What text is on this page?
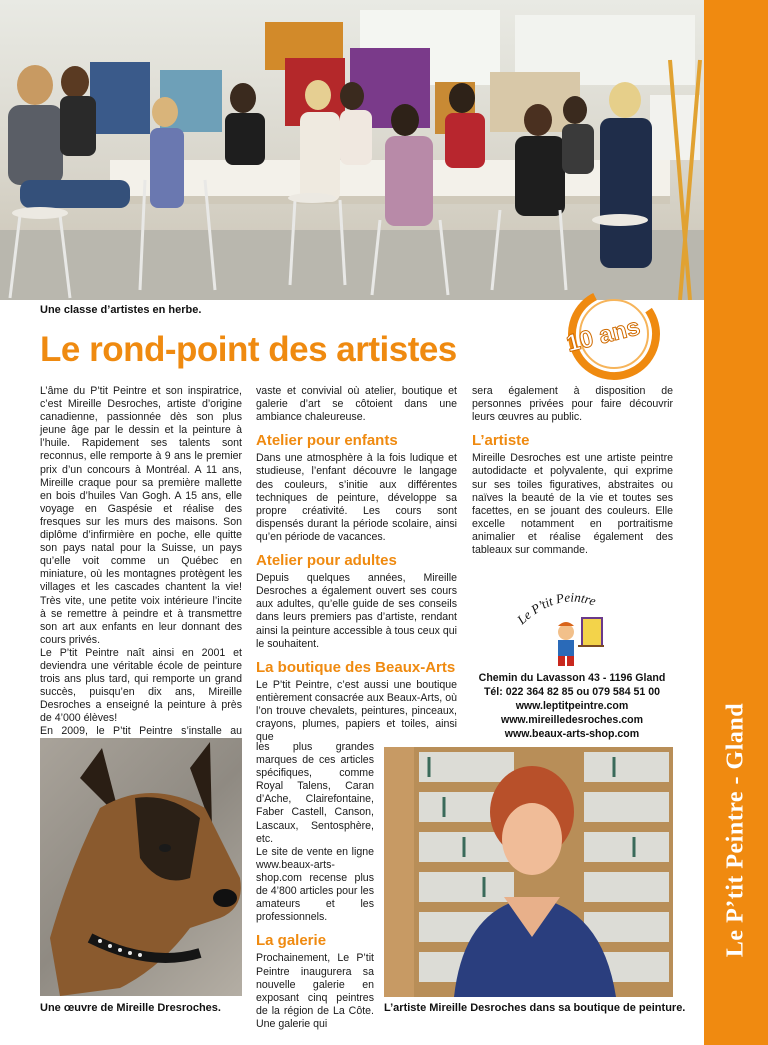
Une classe d’artistes en herbe.
Le P’tit Peintre - Gland
Le rond-point des artistes	10 ans

L’âme du P’tit Peintre et son inspiratrice, c’est Mireille Desroches, artiste d’origine canadienne, passionnée dès son plus jeune âge par le dessin et la peinture à l’huile. Rapidement ses talents sont reconnus, elle remporte à 9 ans le premier prix d’un concours à Montréal. A 11 ans, Mireille craque pour sa première mallette en bois d’huiles Van Gogh. A 15 ans, elle voyage en Gaspésie et réalise des fresques sur les murs des maisons. Son diplôme d’infirmière en poche, elle quitte son pays natal pour la Suisse, un pays qu’elle voit comme un Québec en miniature, où les montagnes protègent les villages et les cascades chantent la vie! Très vite, une petite voix intérieure l’incite à se remettre à peindre et à transmettre son art aux enfants en leur donnant des cours privés.

Le P’tit Peintre naît ainsi en 2001 et deviendra une véritable école de peinture trois ans plus tard, qui remporte un grand succès, puisqu’en dix ans, Mireille Desroches a enseigné la peinture à près de 4’000 élèves!

En 2009, le P’tit Peintre s’installe au

vaste et convivial où atelier, boutique et galerie d’art se côtoient dans une ambiance chaleureuse.

Atelier pour enfants

Dans une atmosphère à la fois ludique et studieuse, l’enfant découvre le langage des couleurs, s’initie aux différentes techniques de peinture, développe sa propre créativité. Les cours sont dispensés durant la période scolaire, ainsi qu’en période de vacances.

Atelier pour adultes

Depuis quelques années, Mireille Desroches a également ouvert ses cours aux adultes, qu’elle guide de ses conseils dans leurs premiers pas d’artiste, rendant ainsi la peinture accessible à tous ceux qui le souhaitent.

La boutique des Beaux-Arts

Le P’tit Peintre, c’est aussi une boutique entièrement consacrée aux Beaux-Arts, où l’on trouve chevalets, peintures, pinceaux, crayons, plumes, papiers et toiles, ainsi que

les plus grandes marques de ces articles spécifiques, comme Royal Talens, Caran d’Ache, Clairefontaine, Faber Castell, Canson, Lascaux, Sentosphère, etc.

Le site de vente en ligne www.beaux-arts-shop.com recense plus de 4’800 articles pour les amateurs et les professionnels.

La galerie

Prochainement, Le P’tit Peintre inaugurera sa nouvelle galerie en exposant cinq peintres de la région de La Côte. Une galerie qui

sera également à disposition de personnes privées pour faire découvrir leurs œuvres au public.

L’artiste

Mireille Desroches est une artiste peintre autodidacte et polyvalente, qui exprime sur ses toiles figuratives, abstraites ou naïves la beauté de la vie et toutes ses facettes, en se jouant des couleurs. Elle excelle notamment en portraitisme animalier et réalise également des tableaux sur commande.

Le P’tit Peintre
Chemin du Lavasson 43 - 1196 Gland
Tél: 022 364 82 85 ou 079 584 51 00
www.leptitpeintre.com
www.mireilledesroches.com
www.beaux-arts-shop.com
Une œuvre de Mireille Dresroches.	L’artiste Mireille Desroches dans sa boutique de peinture.
